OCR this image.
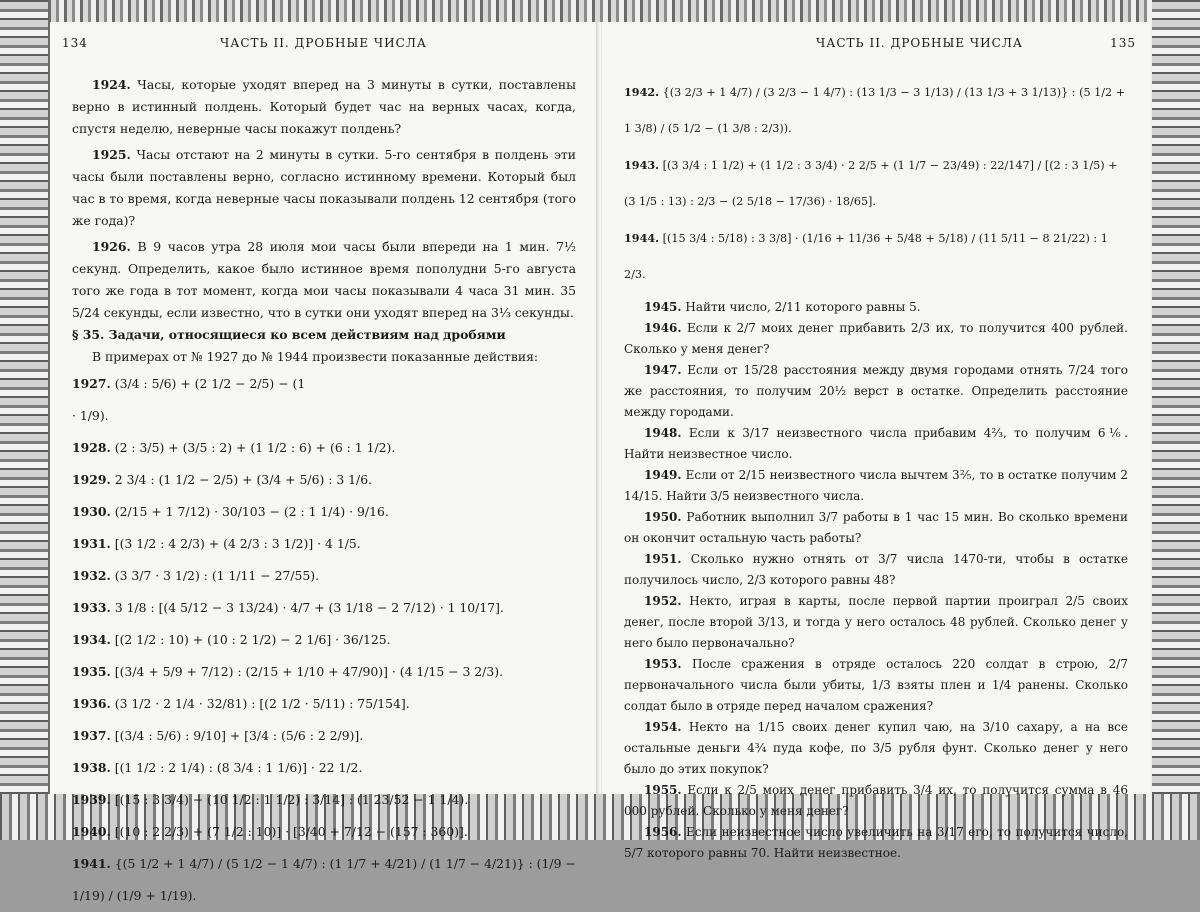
134	ЧАСТЬ II. ДРОБНЫЕ ЧИСЛА

1924. Часы, которые уходят вперед на 3 минуты в сутки, поставлены верно в истинный полдень. Который будет час на верных часах, когда, спустя неделю, неверные часы покажут полдень?

1925. Часы отстают на 2 минуты в сутки. 5-го сентября в полдень эти часы были поставлены верно, согласно истинному времени. Который был час в то время, когда неверные часы показывали полдень 12 сентября (того же года)?

1926. В 9 часов утра 28 июля мои часы были впереди на 1 мин. 7½ секунд. Определить, какое было истинное время пополудни 5-го августа того же года в тот момент, когда мои часы показывали 4 часа 31 мин. 35 5/24 секунды, если известно, что в сутки они уходят вперед на 3⅓ секунды.

§ 35. Задачи, относящиеся ко всем действиям над дробями

В примерах от № 1927 до № 1944 произвести показанные действия:

1927. (3/4 : 5/6) + (2 1/2 − 2/5) − (1 · 1/9).
1928. (2 : 3/5) + (3/5 : 2) + (1 1/2 : 6) + (6 : 1 1/2).
1929. 2 3/4 : (1 1/2 − 2/5) + (3/4 + 5/6) : 3 1/6.
1930. (2/15 + 1 7/12) · 30/103 − (2 : 1 1/4) · 9/16.
1931. [(3 1/2 : 4 2/3) + (4 2/3 : 3 1/2)] · 4 1/5.
1932. (3 3/7 · 3 1/2) : (1 1/11 − 27/55).
1933. 3 1/8 : [(4 5/12 − 3 13/24) · 4/7 + (3 1/18 − 2 7/12) · 1 10/17].
1934. [(2 1/2 : 10) + (10 : 2 1/2) − 2 1/6] · 36/125.
1935. [(3/4 + 5/9 + 7/12) : (2/15 + 1/10 + 47/90)] · (4 1/15 − 3 2/3).
1936. (3 1/2 · 2 1/4 · 32/81) : [(2 1/2 · 5/11) : 75/154].
1937. [(3/4 : 5/6) : 9/10] + [3/4 : (5/6 : 2 2/9)].
1938. [(1 1/2 : 2 1/4) : (8 3/4 : 1 1/6)] · 22 1/2.
1939. [(15 : 3 3/4) − (10 1/2 : 1 1/2) : 3/14] : (1 23/52 − 1 1/4).
1940. [(10 : 2 2/3) + (7 1/2 : 10)] · [3/40 + 7/12 − (157 : 360)].
1941. {(5 1/2 + 1 4/7) / (5 1/2 − 1 4/7) : (1 1/7 + 4/21) / (1 1/7 − 4/21)} : (1/9 − 1/19) / (1/9 + 1/19).
ЧАСТЬ II. ДРОБНЫЕ ЧИСЛА	135
1942. {(3 2/3 + 1 4/7) / (3 2/3 − 1 4/7) : (13 1/3 − 3 1/13) / (13 1/3 + 3 1/13)} : (5 1/2 + 1 3/8) / (5 1/2 − (1 3/8 : 2/3)).
1943. [(3 3/4 : 1 1/2) + (1 1/2 : 3 3/4) · 2 2/5 + (1 1/7 − 23/49) : 22/147] / [(2 : 3 1/5) + (3 1/5 : 13) : 2/3 − (2 5/18 − 17/36) · 18/65].
1944. [(15 3/4 : 5/18) : 3 3/8] · (1/16 + 11/36 + 5/48 + 5/18) / (11 5/11 − 8 21/22) : 1 2/3.

1945. Найти число, 2/11 которого равны 5.

1946. Если к 2/7 моих денег прибавить 2/3 их, то получится 400 рублей. Сколько у меня денег?

1947. Если от 15/28 расстояния между двумя городами отнять 7/24 того же расстояния, то получим 20½ верст в остатке. Определить расстояние между городами.

1948. Если к 3/17 неизвестного числа прибавим 4⅔, то получим 6⅙. Найти неизвестное число.

1949. Если от 2/15 неизвестного числа вычтем 3⅖, то в остатке получим 2 14/15. Найти 3/5 неизвестного числа.

1950. Работник выполнил 3/7 работы в 1 час 15 мин. Во сколько времени он окончит остальную часть работы?

1951. Сколько нужно отнять от 3/7 числа 1470-ти, чтобы в остатке получилось число, 2/3 которого равны 48?

1952. Некто, играя в карты, после первой партии проиграл 2/5 своих денег, после второй 3/13, и тогда у него осталось 48 рублей. Сколько денег у него было первоначально?

1953. После сражения в отряде осталось 220 солдат в строю, 2/7 первоначального числа были убиты, 1/3 взяты плен и 1/4 ранены. Сколько солдат было в отряде перед началом сражения?

1954. Некто на 1/15 своих денег купил чаю, на 3/10 сахару, а на все остальные деньги 4¾ пуда кофе, по 3/5 рубля фунт. Сколько денег у него было до этих покупок?

1955. Если к 2/5 моих денег прибавить 3/4 их, то получится сумма в 46 000 рублей. Сколько у меня денег?

1956. Если неизвестное число увеличить на 3/17 его, то получится число, 5/7 которого равны 70. Найти неизвестное.
